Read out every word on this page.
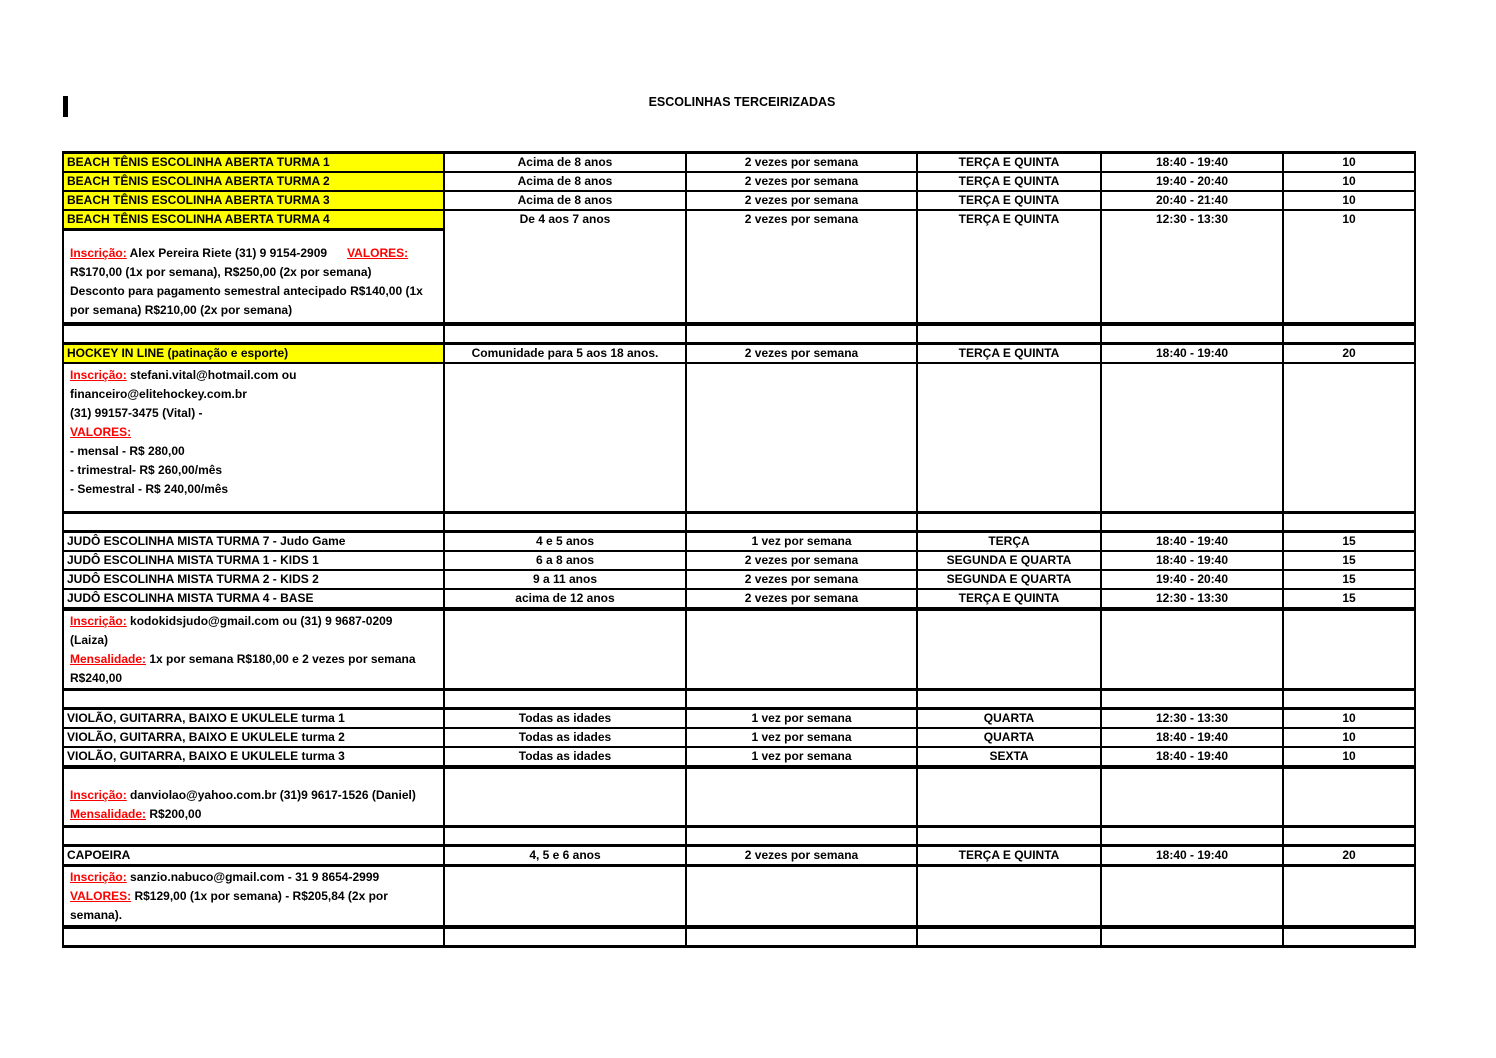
ESCOLINHAS TERCEIRIZADAS
BEACH TÊNIS ESCOLINHA ABERTA TURMA 1	Acima de 8 anos	2 vezes por semana	TERÇA E QUINTA	18:40 - 19:40	10
BEACH TÊNIS ESCOLINHA ABERTA TURMA 2	Acima de 8 anos	2 vezes por semana	TERÇA E QUINTA	19:40 - 20:40	10
BEACH TÊNIS ESCOLINHA ABERTA TURMA 3	Acima de 8 anos	2 vezes por semana	TERÇA E QUINTA	20:40 - 21:40	10
BEACH TÊNIS ESCOLINHA ABERTA TURMA 4	De 4 aos 7 anos	2 vezes por semana	TERÇA E QUINTA	12:30 - 13:30	10
Inscrição: Alex Pereira Riete (31) 9 9154-2909      VALORES:
R$170,00 (1x por semana), R$250,00 (2x por semana)
Desconto para pagamento semestral antecipado R$140,00 (1x
por semana) R$210,00 (2x por semana)
HOCKEY IN LINE (patinação e esporte)	Comunidade para 5 aos 18 anos.	2 vezes por semana	TERÇA E QUINTA	18:40 - 19:40	20
Inscrição: stefani.vital@hotmail.com ou
financeiro@elitehockey.com.br
(31) 99157-3475 (Vital) -
VALORES:
- mensal - R$ 280,00
- trimestral- R$ 260,00/mês
- Semestral - R$ 240,00/mês
JUDÔ ESCOLINHA MISTA TURMA 7 - Judo Game	4 e 5 anos	1 vez por semana	TERÇA	18:40 - 19:40	15
JUDÔ ESCOLINHA MISTA TURMA 1 - KIDS 1	6 a 8 anos	2 vezes por semana	SEGUNDA E QUARTA	18:40 - 19:40	15
JUDÔ ESCOLINHA MISTA TURMA 2 - KIDS 2	9 a 11 anos	2 vezes por semana	SEGUNDA E QUARTA	19:40 - 20:40	15
JUDÔ ESCOLINHA MISTA TURMA 4 - BASE	acima de 12 anos	2 vezes por semana	TERÇA E QUINTA	12:30 - 13:30	15
Inscrição: kodokidsjudo@gmail.com ou (31) 9 9687-0209
(Laiza)
Mensalidade: 1x por semana R$180,00 e 2 vezes por semana
R$240,00
VIOLÃO, GUITARRA, BAIXO E UKULELE turma 1	Todas as idades	1 vez por semana	QUARTA	12:30 - 13:30	10
VIOLÃO, GUITARRA, BAIXO E UKULELE turma 2	Todas as idades	1 vez por semana	QUARTA	18:40 - 19:40	10
VIOLÃO, GUITARRA, BAIXO E UKULELE turma 3	Todas as idades	1 vez por semana	SEXTA	18:40 - 19:40	10
Inscrição: danviolao@yahoo.com.br (31)9 9617-1526 (Daniel)
Mensalidade: R$200,00
CAPOEIRA	4, 5 e 6 anos	2 vezes por semana	TERÇA E QUINTA	18:40 - 19:40	20
Inscrição: sanzio.nabuco@gmail.com - 31 9 8654-2999
VALORES: R$129,00 (1x por semana) - R$205,84 (2x por
semana).
